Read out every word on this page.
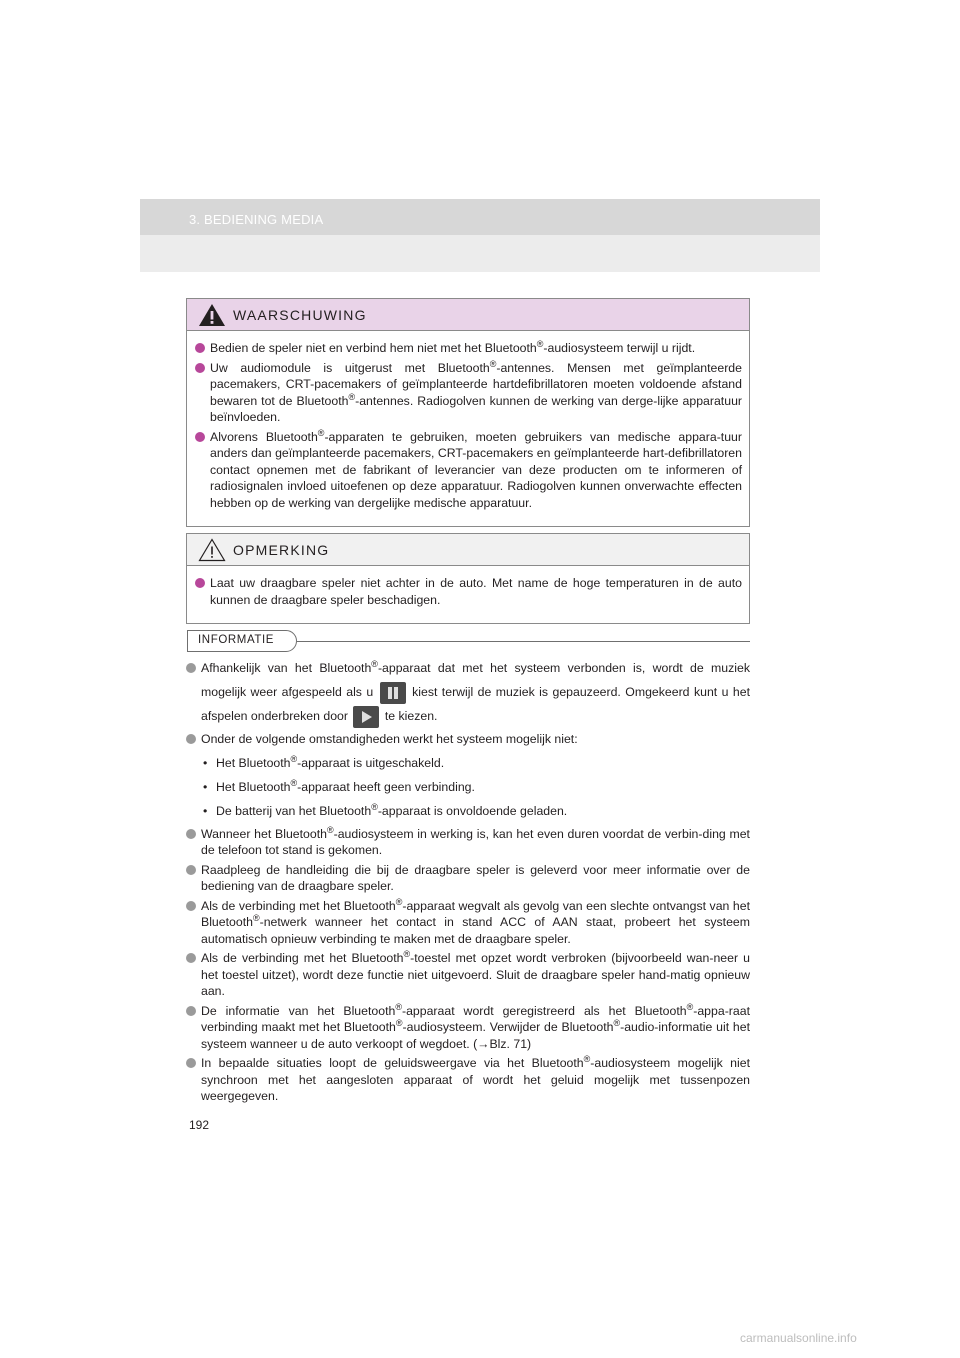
3. BEDIENING MEDIA
WAARSCHUWING
Bedien de speler niet en verbind hem niet met het Bluetooth®-audiosysteem terwijl u rijdt.
Uw audiomodule is uitgerust met Bluetooth®-antennes. Mensen met geïmplanteerde pacemakers, CRT-pacemakers of geïmplanteerde hartdefibrillatoren moeten voldoende afstand bewaren tot de Bluetooth®-antennes. Radiogolven kunnen de werking van derge-lijke apparatuur beïnvloeden.
Alvorens Bluetooth®-apparaten te gebruiken, moeten gebruikers van medische appara-tuur anders dan geïmplanteerde pacemakers, CRT-pacemakers en geïmplanteerde hart-defibrillatoren contact opnemen met de fabrikant of leverancier van deze producten om te informeren of radiosignalen invloed uitoefenen op deze apparatuur. Radiogolven kunnen onverwachte effecten hebben op de werking van dergelijke medische apparatuur.
OPMERKING
Laat uw draagbare speler niet achter in de auto. Met name de hoge temperaturen in de auto kunnen de draagbare speler beschadigen.
INFORMATIE
Afhankelijk van het Bluetooth®-apparaat dat met het systeem verbonden is, wordt de muziek mogelijk weer afgespeeld als u	kiest terwijl de muziek is gepauzeerd. Omgekeerd kunt u het afspelen onderbreken door	te kiezen.
Onder de volgende omstandigheden werkt het systeem mogelijk niet:
• Het Bluetooth®-apparaat is uitgeschakeld.
• Het Bluetooth®-apparaat heeft geen verbinding.
• De batterij van het Bluetooth®-apparaat is onvoldoende geladen.
Wanneer het Bluetooth®-audiosysteem in werking is, kan het even duren voordat de verbin-ding met de telefoon tot stand is gekomen.
Raadpleeg de handleiding die bij de draagbare speler is geleverd voor meer informatie over de bediening van de draagbare speler.
Als de verbinding met het Bluetooth®-apparaat wegvalt als gevolg van een slechte ontvangst van het Bluetooth®-netwerk wanneer het contact in stand ACC of AAN staat, probeert het systeem automatisch opnieuw verbinding te maken met de draagbare speler.
Als de verbinding met het Bluetooth®-toestel met opzet wordt verbroken (bijvoorbeeld wan-neer u het toestel uitzet), wordt deze functie niet uitgevoerd. Sluit de draagbare speler hand-matig opnieuw aan.
De informatie van het Bluetooth®-apparaat wordt geregistreerd als het Bluetooth®-appa-raat verbinding maakt met het Bluetooth®-audiosysteem. Verwijder de Bluetooth®-audio-informatie uit het systeem wanneer u de auto verkoopt of wegdoet. (→Blz. 71)
In bepaalde situaties loopt de geluidsweergave via het Bluetooth®-audiosysteem mogelijk niet synchroon met het aangesloten apparaat of wordt het geluid mogelijk met tussenpozen weergegeven.
192
carmanualsonline.info
